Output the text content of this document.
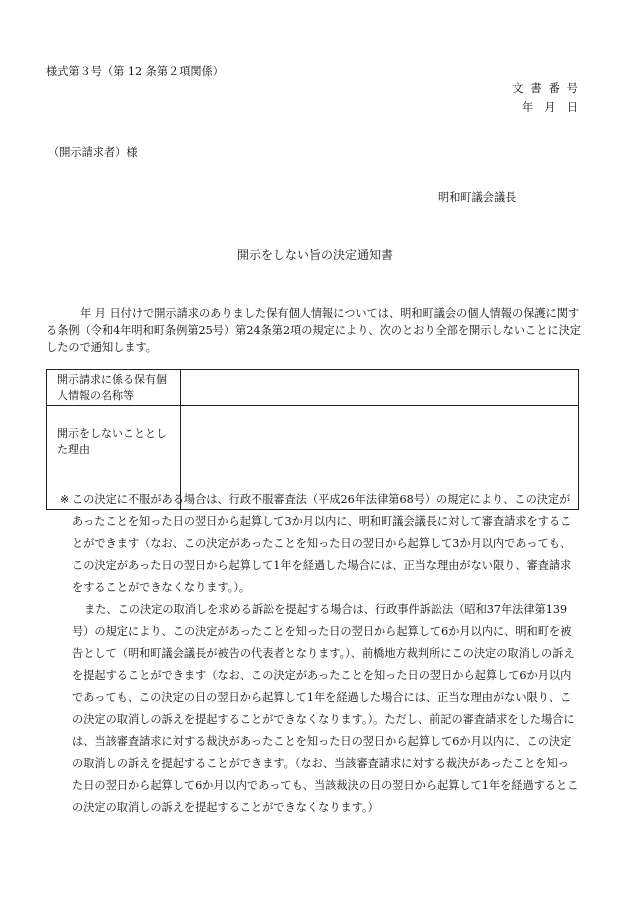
様式第３号（第 12 条第２項関係）
文書番号
年　月　日
（開示請求者）様
明和町議会議長
開示をしない旨の決定通知書

年 月 日付けで開示請求のありました保有個人情報については、明和町議会の個人情報の保護に関する条例（令和4年明和町条例第25号）第24条第2項の規定により、次のとおり全部を開示しないことに決定したので通知します。

開示請求に係る保有個人情報の名称等	
開示をしないこととした理由	

※ この決定に不服がある場合は、行政不服審査法（平成26年法律第68号）の規定により、この決定があったことを知った日の翌日から起算して3か月以内に、明和町議会議長に対して審査請求をすることができます（なお、この決定があったことを知った日の翌日から起算して3か月以内であっても、この決定があった日の翌日から起算して1年を経過した場合には、正当な理由がない限り、審査請求をすることができなくなります。）。

また、この決定の取消しを求める訴訟を提起する場合は、行政事件訴訟法（昭和37年法律第139号）の規定により、この決定があったことを知った日の翌日から起算して6か月以内に、明和町を被告として（明和町議会議長が被告の代表者となります。）、前橋地方裁判所にこの決定の取消しの訴えを提起することができます（なお、この決定があったことを知った日の翌日から起算して6か月以内であっても、この決定の日の翌日から起算して1年を経過した場合には、正当な理由がない限り、この決定の取消しの訴えを提起することができなくなります。）。ただし、前記の審査請求をした場合には、当該審査請求に対する裁決があったことを知った日の翌日から起算して6か月以内に、この決定の取消しの訴えを提起することができます。（なお、当該審査請求に対する裁決があったことを知った日の翌日から起算して6か月以内であっても、当該裁決の日の翌日から起算して1年を経過するとこの決定の取消しの訴えを提起することができなくなります。）
